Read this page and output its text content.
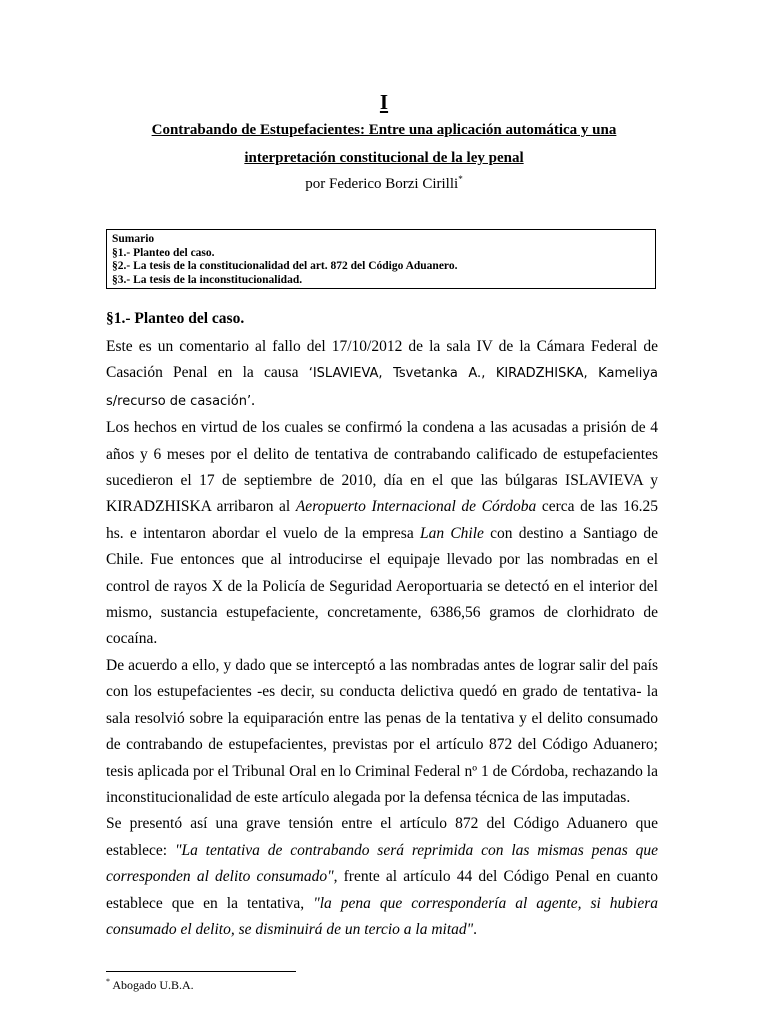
I
Contrabando de Estupefacientes: Entre una aplicación automática y una
interpretación constitucional de la ley penal
por Federico Borzi Cirilli*
Sumario
§1.- Planteo del caso.
§2.- La tesis de la constitucionalidad del art. 872 del Código Aduanero.
§3.- La tesis de la inconstitucionalidad.
§1.- Planteo del caso.

Este es un comentario al fallo del 17/10/2012 de la sala IV de la Cámara Federal de Casación Penal en la causa ‘ISLAVIEVA, Tsvetanka A., KIRADZHISKA, Kameliya s/recurso de casación’.

Los hechos en virtud de los cuales se confirmó la condena a las acusadas a prisión de 4 años y 6 meses por el delito de tentativa de contrabando calificado de estupefacientes sucedieron el 17 de septiembre de 2010, día en el que las búlgaras ISLAVIEVA y KIRADZHISKA arribaron al Aeropuerto Internacional de Córdoba cerca de las 16.25 hs. e intentaron abordar el vuelo de la empresa Lan Chile con destino a Santiago de Chile. Fue entonces que al introducirse el equipaje llevado por las nombradas en el control de rayos X de la Policía de Seguridad Aeroportuaria se detectó en el interior del mismo, sustancia estupefaciente, concretamente, 6386,56 gramos de clorhidrato de cocaína.

De acuerdo a ello, y dado que se interceptó a las nombradas antes de lograr salir del país con los estupefacientes -es decir, su conducta delictiva quedó en grado de tentativa- la sala resolvió sobre la equiparación entre las penas de la tentativa y el delito consumado de contrabando de estupefacientes, previstas por el artículo 872 del Código Aduanero; tesis aplicada por el Tribunal Oral en lo Criminal Federal nº 1 de Córdoba, rechazando la inconstitucionalidad de este artículo alegada por la defensa técnica de las imputadas.

Se presentó así una grave tensión entre el artículo 872 del Código Aduanero que establece: "La tentativa de contrabando será reprimida con las mismas penas que corresponden al delito consumado", frente al artículo 44 del Código Penal en cuanto establece que en la tentativa, "la pena que correspondería al agente, si hubiera consumado el delito, se disminuirá de un tercio a la mitad".

* Abogado U.B.A.
